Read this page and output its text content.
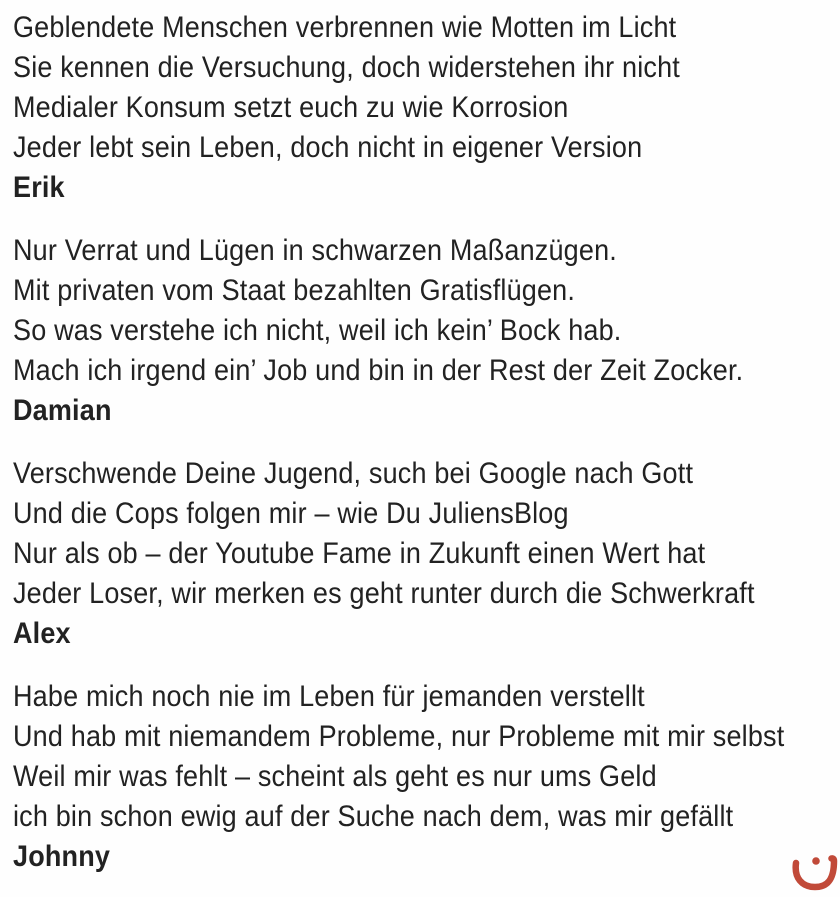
Geblendete Menschen verbrennen wie Motten im Licht
Sie kennen die Versuchung, doch widerstehen ihr nicht
Medialer Konsum setzt euch zu wie Korrosion
Jeder lebt sein Leben, doch nicht in eigener Version
Erik
Nur Verrat und Lügen in schwarzen Maßanzügen.
Mit privaten vom Staat bezahlten Gratisflügen.
So was verstehe ich nicht, weil ich kein’ Bock hab.
Mach ich irgend ein’ Job und bin in der Rest der Zeit Zocker.
Damian
Verschwende Deine Jugend, such bei Google nach Gott
Und die Cops folgen mir – wie Du JuliensBlog
Nur als ob – der Youtube Fame in Zukunft einen Wert hat
Jeder Loser, wir merken es geht runter durch die Schwerkraft
Alex
Habe mich noch nie im Leben für jemanden verstellt
Und hab mit niemandem Probleme, nur Probleme mit mir selbst
Weil mir was fehlt – scheint als geht es nur ums Geld
ich bin schon ewig auf der Suche nach dem, was mir gefällt
Johnny
